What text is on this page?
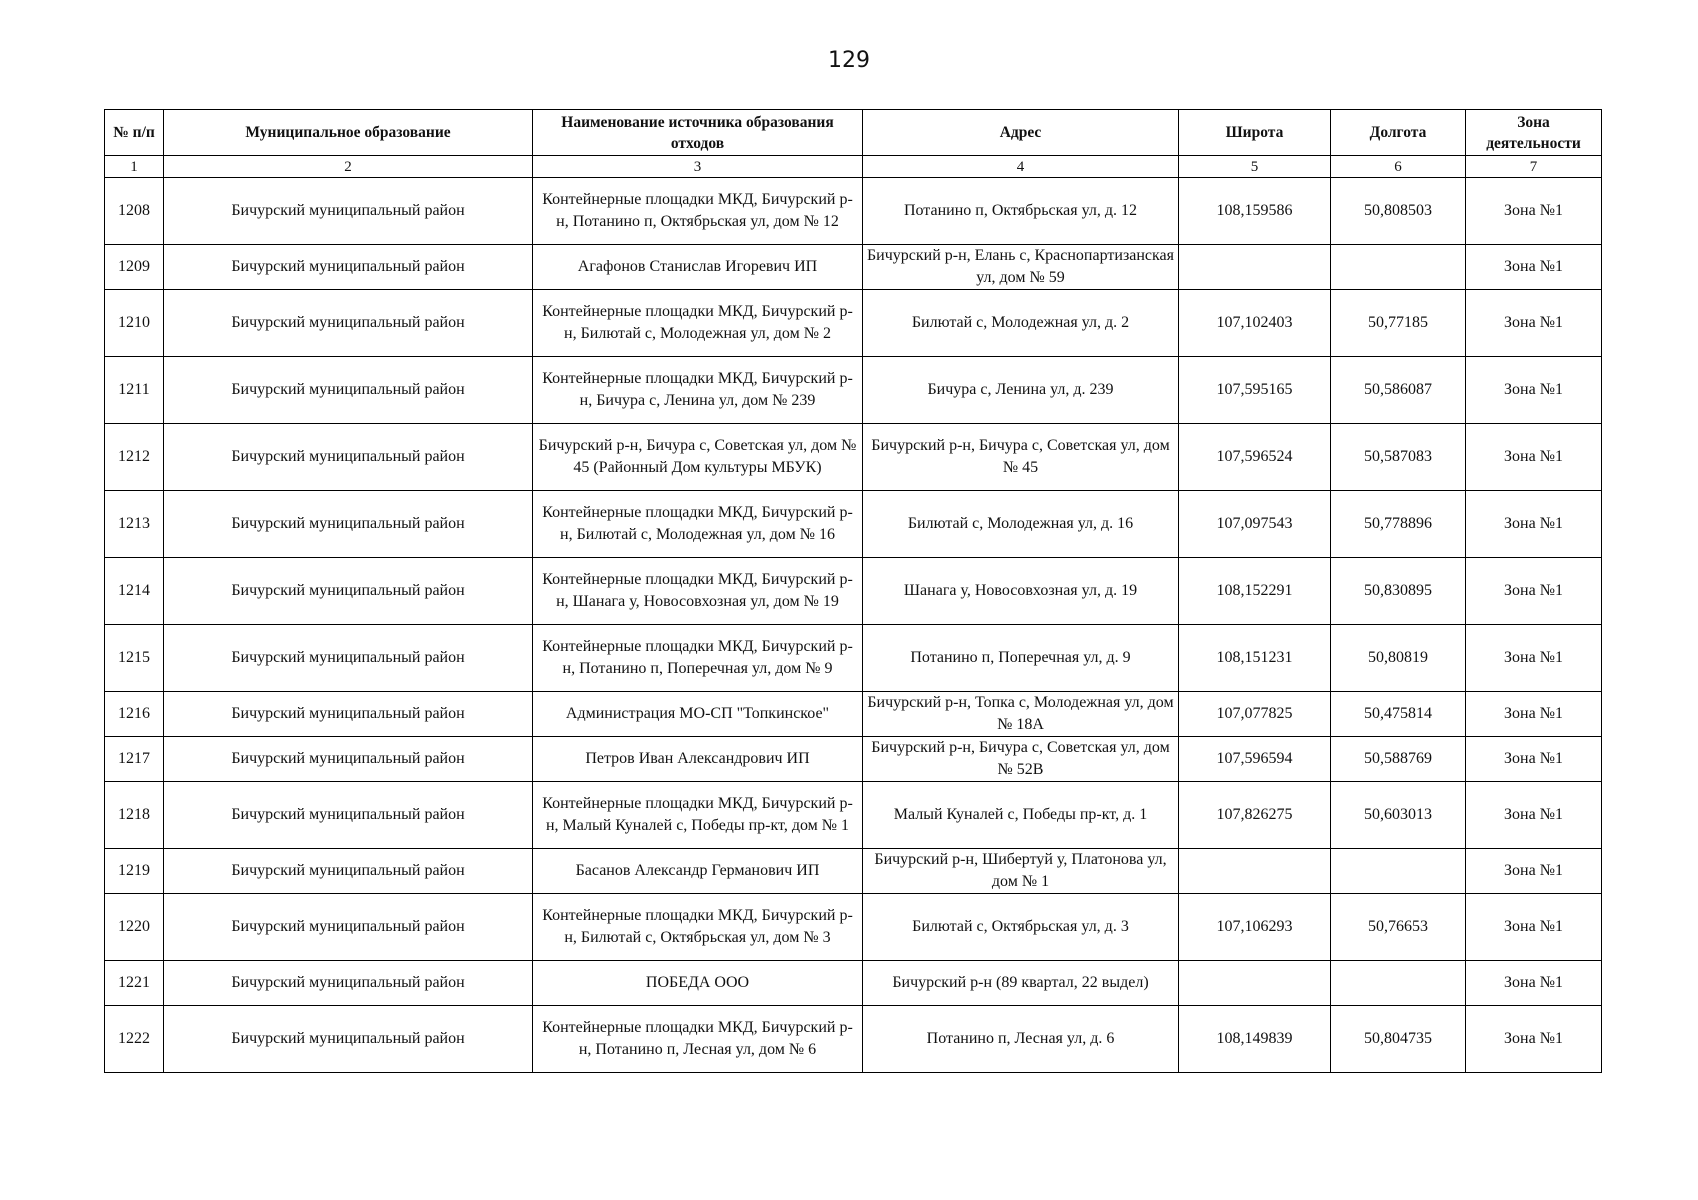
129
№ п/п	Муниципальное образование	Наименование источника образования отходов	Адрес	Широта	Долгота	Зона деятельности
1	2	3	4	5	6	7
1208	Бичурский муниципальный район	Контейнерные площадки МКД, Бичурский р-н, Потанино п, Октябрьская ул, дом № 12	Потанино п, Октябрьская ул, д. 12	108,159586	50,808503	Зона №1
1209	Бичурский муниципальный район	Агафонов Станислав Игоревич ИП	Бичурский р-н, Елань с, Краснопартизанская ул, дом № 59			Зона №1
1210	Бичурский муниципальный район	Контейнерные площадки МКД, Бичурский р-н, Билютай с, Молодежная ул, дом № 2	Билютай с, Молодежная ул, д. 2	107,102403	50,77185	Зона №1
1211	Бичурский муниципальный район	Контейнерные площадки МКД, Бичурский р-н, Бичура с, Ленина ул, дом № 239	Бичура с, Ленина ул, д. 239	107,595165	50,586087	Зона №1
1212	Бичурский муниципальный район	Бичурский р-н, Бичура с, Советская ул, дом № 45 (Районный Дом культуры МБУК)	Бичурский р-н, Бичура с, Советская ул, дом № 45	107,596524	50,587083	Зона №1
1213	Бичурский муниципальный район	Контейнерные площадки МКД, Бичурский р-н, Билютай с, Молодежная ул, дом № 16	Билютай с, Молодежная ул, д. 16	107,097543	50,778896	Зона №1
1214	Бичурский муниципальный район	Контейнерные площадки МКД, Бичурский р-н, Шанага у, Новосовхозная ул, дом № 19	Шанага у, Новосовхозная ул, д. 19	108,152291	50,830895	Зона №1
1215	Бичурский муниципальный район	Контейнерные площадки МКД, Бичурский р-н, Потанино п, Поперечная ул, дом № 9	Потанино п, Поперечная ул, д. 9	108,151231	50,80819	Зона №1
1216	Бичурский муниципальный район	Администрация МО-СП "Топкинское"	Бичурский р-н, Топка с, Молодежная ул, дом № 18А	107,077825	50,475814	Зона №1
1217	Бичурский муниципальный район	Петров Иван Александрович ИП	Бичурский р-н, Бичура с, Советская ул, дом № 52В	107,596594	50,588769	Зона №1
1218	Бичурский муниципальный район	Контейнерные площадки МКД, Бичурский р-н, Малый Куналей с, Победы пр-кт, дом № 1	Малый Куналей с, Победы пр-кт, д. 1	107,826275	50,603013	Зона №1
1219	Бичурский муниципальный район	Басанов Александр Германович ИП	Бичурский р-н, Шибертуй у, Платонова ул, дом № 1			Зона №1
1220	Бичурский муниципальный район	Контейнерные площадки МКД, Бичурский р-н, Билютай с, Октябрьская ул, дом № 3	Билютай с, Октябрьская ул, д. 3	107,106293	50,76653	Зона №1
1221	Бичурский муниципальный район	ПОБЕДА ООО	Бичурский р-н (89 квартал, 22 выдел)			Зона №1
1222	Бичурский муниципальный район	Контейнерные площадки МКД, Бичурский р-н, Потанино п, Лесная ул, дом № 6	Потанино п, Лесная ул, д. 6	108,149839	50,804735	Зона №1
